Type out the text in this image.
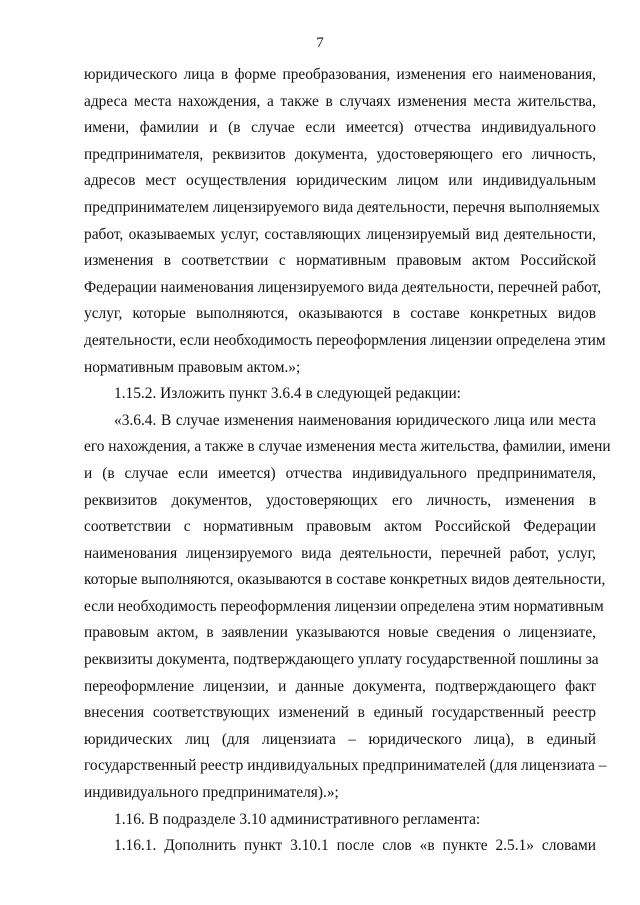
7
юридического лица в форме преобразования, изменения его наименования,
адреса места нахождения, а также в случаях изменения места жительства,
имени, фамилии и (в случае если имеется) отчества индивидуального
предпринимателя, реквизитов документа, удостоверяющего его личность,
адресов мест осуществления юридическим лицом или индивидуальным
предпринимателем лицензируемого вида деятельности, перечня выполняемых
работ, оказываемых услуг, составляющих лицензируемый вид деятельности,
изменения в соответствии с нормативным правовым актом Российской
Федерации наименования лицензируемого вида деятельности, перечней работ,
услуг, которые выполняются, оказываются в составе конкретных видов
деятельности, если необходимость переоформления лицензии определена этим
нормативным правовым актом.»;
1.15.2. Изложить пункт 3.6.4 в следующей редакции:
«3.6.4. В случае изменения наименования юридического лица или места
его нахождения, а также в случае изменения места жительства, фамилии, имени
и (в случае если имеется) отчества индивидуального предпринимателя,
реквизитов документов, удостоверяющих его личность, изменения в
соответствии с нормативным правовым актом Российской Федерации
наименования лицензируемого вида деятельности, перечней работ, услуг,
которые выполняются, оказываются в составе конкретных видов деятельности,
если необходимость переоформления лицензии определена этим нормативным
правовым актом, в заявлении указываются новые сведения о лицензиате,
реквизиты документа, подтверждающего уплату государственной пошлины за
переоформление лицензии, и данные документа, подтверждающего факт
внесения соответствующих изменений в единый государственный реестр
юридических лиц (для лицензиата – юридического лица), в единый
государственный реестр индивидуальных предпринимателей (для лицензиата –
индивидуального предпринимателя).»;
1.16. В подразделе 3.10 административного регламента:
1.16.1. Дополнить пункт 3.10.1 после слов «в пункте 2.5.1» словами
